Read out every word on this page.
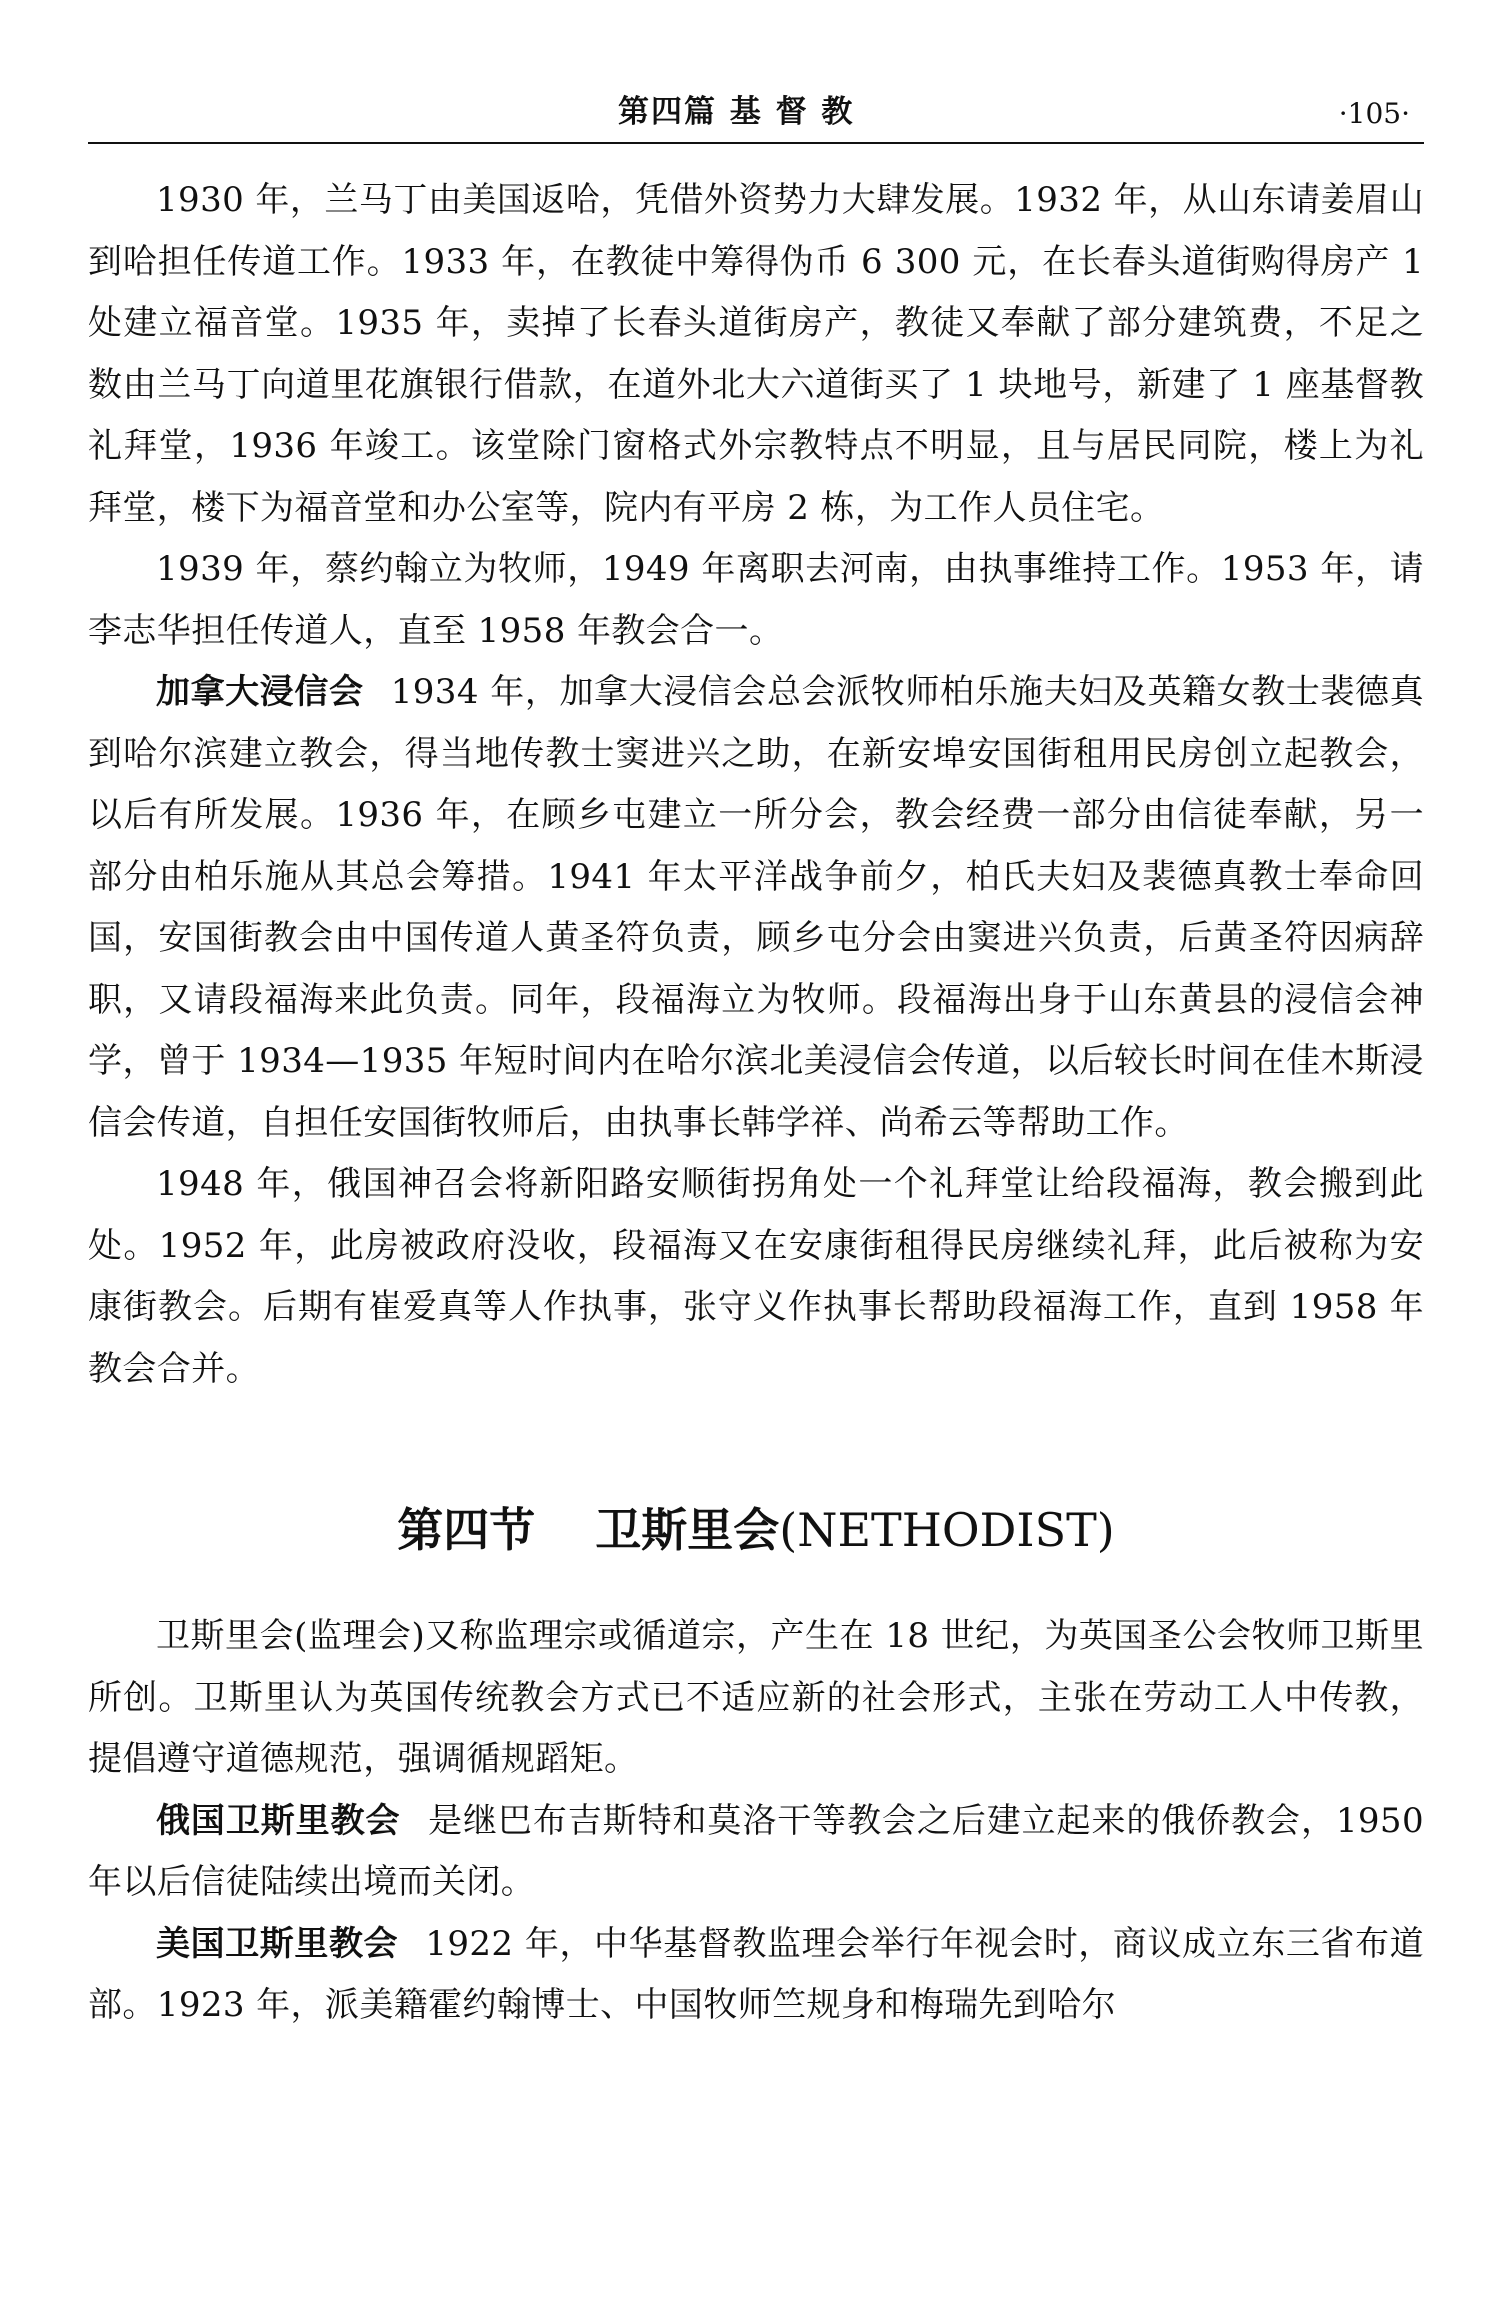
第四篇 基 督 教	·105·

1930 年，兰马丁由美国返哈，凭借外资势力大肆发展。1932 年，从山东请姜眉山到哈担任传道工作。1933 年，在教徒中筹得伪币 6 300 元，在长春头道街购得房产 1 处建立福音堂。1935 年，卖掉了长春头道街房产，教徒又奉献了部分建筑费，不足之数由兰马丁向道里花旗银行借款，在道外北大六道街买了 1 块地号，新建了 1 座基督教礼拜堂，1936 年竣工。该堂除门窗格式外宗教特点不明显，且与居民同院，楼上为礼拜堂，楼下为福音堂和办公室等，院内有平房 2 栋，为工作人员住宅。

1939 年，蔡约翰立为牧师，1949 年离职去河南，由执事维持工作。1953 年，请李志华担任传道人，直至 1958 年教会合一。

加拿大浸信会 1934 年，加拿大浸信会总会派牧师柏乐施夫妇及英籍女教士裴德真到哈尔滨建立教会，得当地传教士窦进兴之助，在新安埠安国街租用民房创立起教会，以后有所发展。1936 年，在顾乡屯建立一所分会，教会经费一部分由信徒奉献，另一部分由柏乐施从其总会筹措。1941 年太平洋战争前夕，柏氏夫妇及裴德真教士奉命回国，安国街教会由中国传道人黄圣符负责，顾乡屯分会由窦进兴负责，后黄圣符因病辞职，又请段福海来此负责。同年，段福海立为牧师。段福海出身于山东黄县的浸信会神学，曾于 1934—1935 年短时间内在哈尔滨北美浸信会传道，以后较长时间在佳木斯浸信会传道，自担任安国街牧师后，由执事长韩学祥、尚希云等帮助工作。

1948 年，俄国神召会将新阳路安顺街拐角处一个礼拜堂让给段福海，教会搬到此处。1952 年，此房被政府没收，段福海又在安康街租得民房继续礼拜，此后被称为安康街教会。后期有崔爱真等人作执事，张守义作执事长帮助段福海工作，直到 1958 年教会合并。

第四节 卫斯里会(NETHODIST)

卫斯里会(监理会)又称监理宗或循道宗，产生在 18 世纪，为英国圣公会牧师卫斯里所创。卫斯里认为英国传统教会方式已不适应新的社会形式，主张在劳动工人中传教，提倡遵守道德规范，强调循规蹈矩。

俄国卫斯里教会 是继巴布吉斯特和莫洛干等教会之后建立起来的俄侨教会，1950 年以后信徒陆续出境而关闭。

美国卫斯里教会 1922 年，中华基督教监理会举行年视会时，商议成立东三省布道部。1923 年，派美籍霍约翰博士、中国牧师竺规身和梅瑞先到哈尔
